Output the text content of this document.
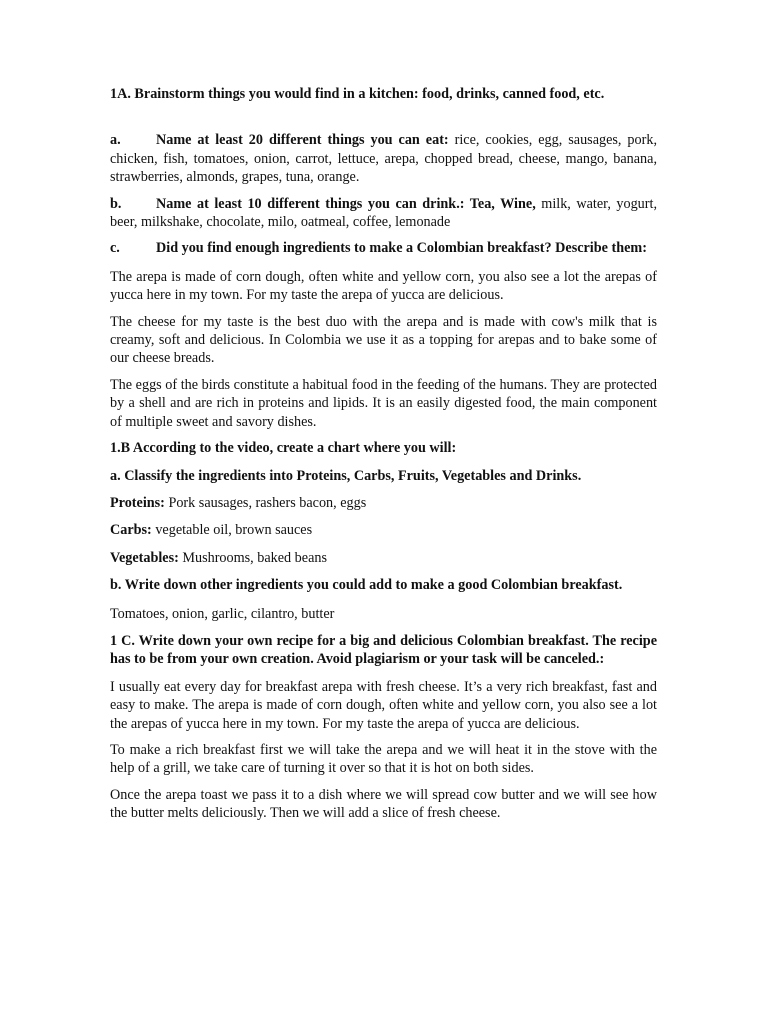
1A. Brainstorm things you would find in a kitchen: food, drinks, canned food, etc.

a. Name at least 20 different things you can eat: rice, cookies, egg, sausages, pork, chicken, fish, tomatoes, onion, carrot, lettuce, arepa, chopped bread, cheese, mango, banana, strawberries, almonds, grapes, tuna, orange.

b. Name at least 10 different things you can drink.: Tea, Wine, milk, water, yogurt, beer, milkshake, chocolate, milo, oatmeal, coffee, lemonade

c.	Did you find enough ingredients to make a Colombian breakfast? Describe them:

The arepa is made of corn dough, often white and yellow corn, you also see a lot the arepas of yucca here in my town. For my taste the arepa of yucca are delicious.

The cheese for my taste is the best duo with the arepa and is made with cow's milk that is creamy, soft and delicious. In Colombia we use it as a topping for arepas and to bake some of our cheese breads.

The eggs of the birds constitute a habitual food in the feeding of the humans. They are protected by a shell and are rich in proteins and lipids. It is an easily digested food, the main component of multiple sweet and savory dishes.

1.B According to the video, create a chart where you will:

a. Classify the ingredients into Proteins, Carbs, Fruits, Vegetables and Drinks.

Proteins: Pork sausages, rashers bacon, eggs

Carbs: vegetable oil, brown sauces

Vegetables: Mushrooms, baked beans

b. Write down other ingredients you could add to make a good Colombian breakfast.

Tomatoes, onion, garlic, cilantro, butter

1 C. Write down your own recipe for a big and delicious Colombian breakfast. The recipe has to be from your own creation. Avoid plagiarism or your task will be canceled.:

I usually eat every day for breakfast arepa with fresh cheese. It’s a very rich breakfast, fast and easy to make. The arepa is made of corn dough, often white and yellow corn, you also see a lot the arepas of yucca here in my town. For my taste the arepa of yucca are delicious.

To make a rich breakfast first we will take the arepa and we will heat it in the stove with the help of a grill, we take care of turning it over so that it is hot on both sides.

Once the arepa toast we pass it to a dish where we will spread cow butter and we will see how the butter melts deliciously. Then we will add a slice of fresh cheese.
